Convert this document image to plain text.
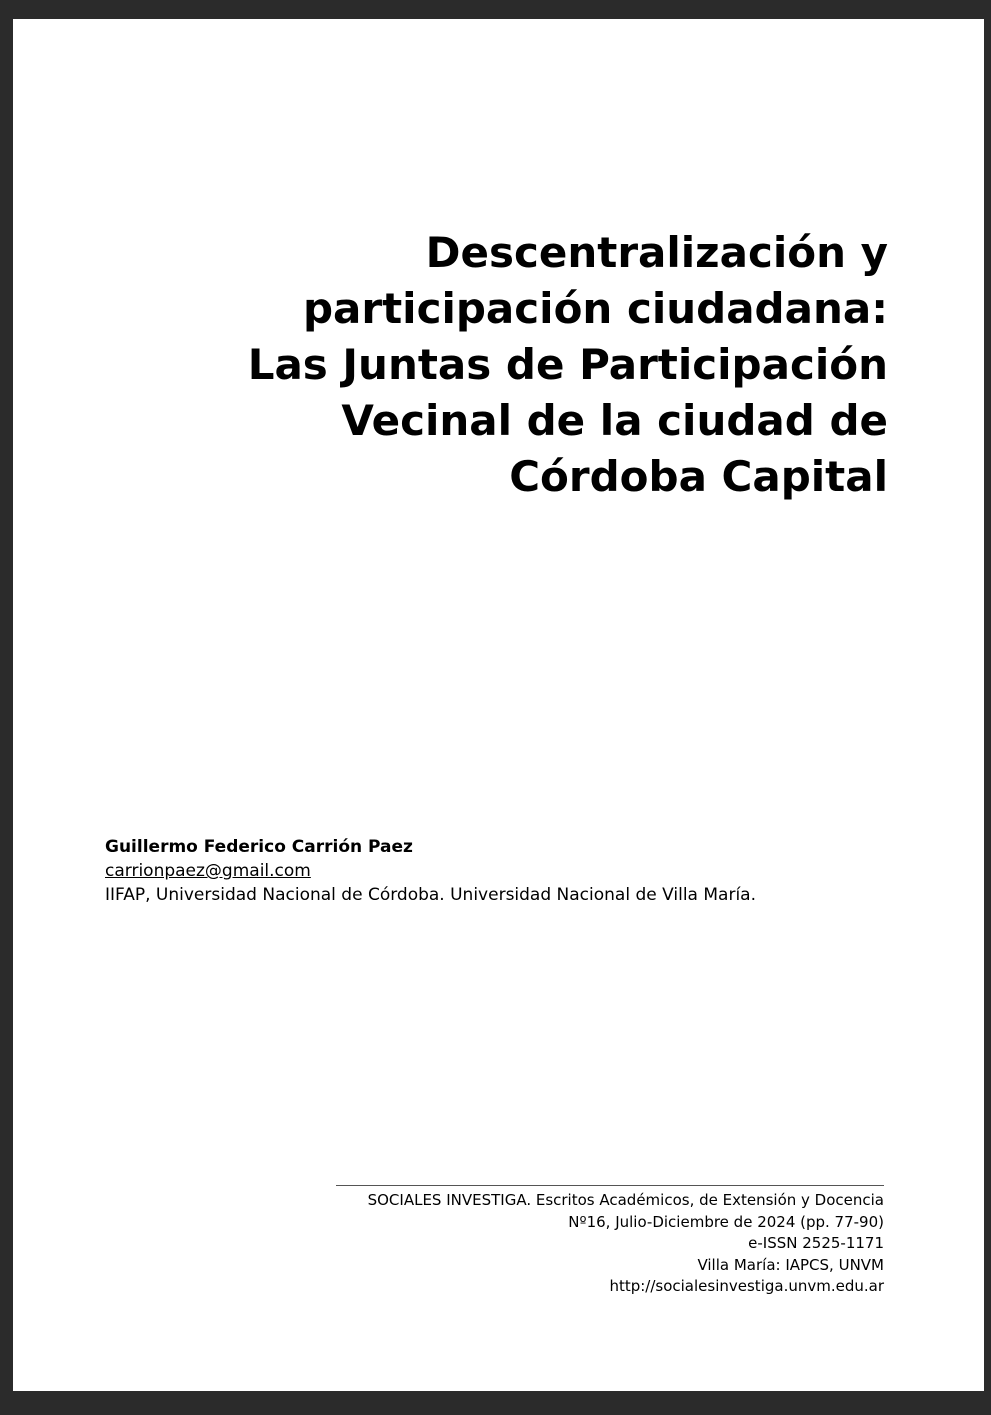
Descentralización y
participación ciudadana:
Las Juntas de Participación
Vecinal de la ciudad de
Córdoba Capital
Guillermo Federico Carrión Paez
carrionpaez@gmail.com
IIFAP, Universidad Nacional de Córdoba. Universidad Nacional de Villa María.
SOCIALES INVESTIGA. Escritos Académicos, de Extensión y Docencia
Nº16, Julio-Diciembre de 2024 (pp. 77-90)
e-ISSN 2525-1171
Villa María: IAPCS, UNVM
http://socialesinvestiga.unvm.edu.ar
